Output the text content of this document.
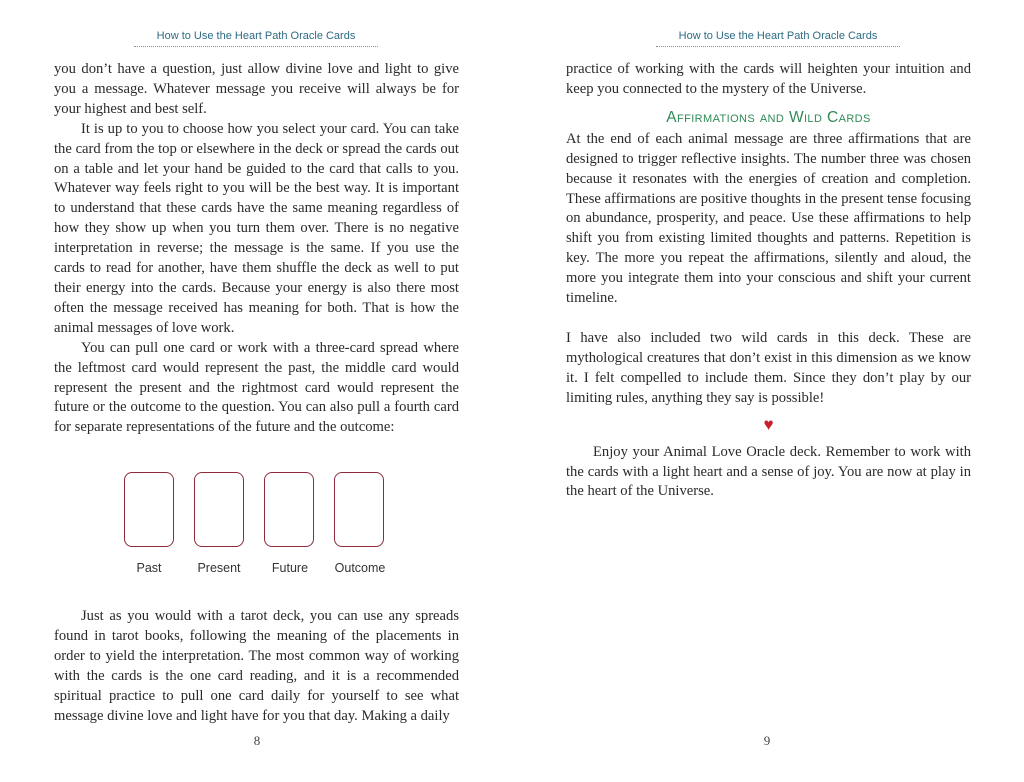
How to Use the Heart Path Oracle Cards

you don’t have a question, just allow divine love and light to give you a message. Whatever message you receive will always be for your highest and best self.

It is up to you to choose how you select your card. You can take the card from the top or elsewhere in the deck or spread the cards out on a table and let your hand be guided to the card that calls to you. Whatever way feels right to you will be the best way. It is important to understand that these cards have the same meaning regardless of how they show up when you turn them over. There is no negative interpretation in reverse; the message is the same. If you use the cards to read for another, have them shuffle the deck as well to put their energy into the cards. Because your energy is also there most often the message received has meaning for both. That is how the animal messages of love work.

You can pull one card or work with a three-card spread where the leftmost card would represent the past, the middle card would represent the present and the rightmost card would represent the future or the outcome to the question. You can also pull a fourth card for separate representations of the future and the outcome:

Past	Present	Future	Outcome

Just as you would with a tarot deck, you can use any spreads found in tarot books, following the meaning of the placements in order to yield the interpretation. The most common way of working with the cards is the one card reading, and it is a recommended spiritual practice to pull one card daily for yourself to see what message divine love and light have for you that day. Making a daily

8
How to Use the Heart Path Oracle Cards

practice of working with the cards will heighten your intuition and keep you connected to the mystery of the Universe.

Affirmations and Wild Cards

At the end of each animal message are three affirmations that are designed to trigger reflective insights. The number three was chosen because it resonates with the energies of creation and completion. These affirmations are positive thoughts in the present tense focusing on abundance, prosperity, and peace. Use these affirmations to help shift you from existing limited thoughts and patterns. Repetition is key. The more you repeat the affirmations, silently and aloud, the more you integrate them into your conscious and shift your current timeline.

I have also included two wild cards in this deck. These are mythological creatures that don’t exist in this dimension as we know it. I felt compelled to include them. Since they don’t play by our limiting rules, anything they say is possible!

♥

Enjoy your Animal Love Oracle deck. Remember to work with the cards with a light heart and a sense of joy. You are now at play in the heart of the Universe.

9
